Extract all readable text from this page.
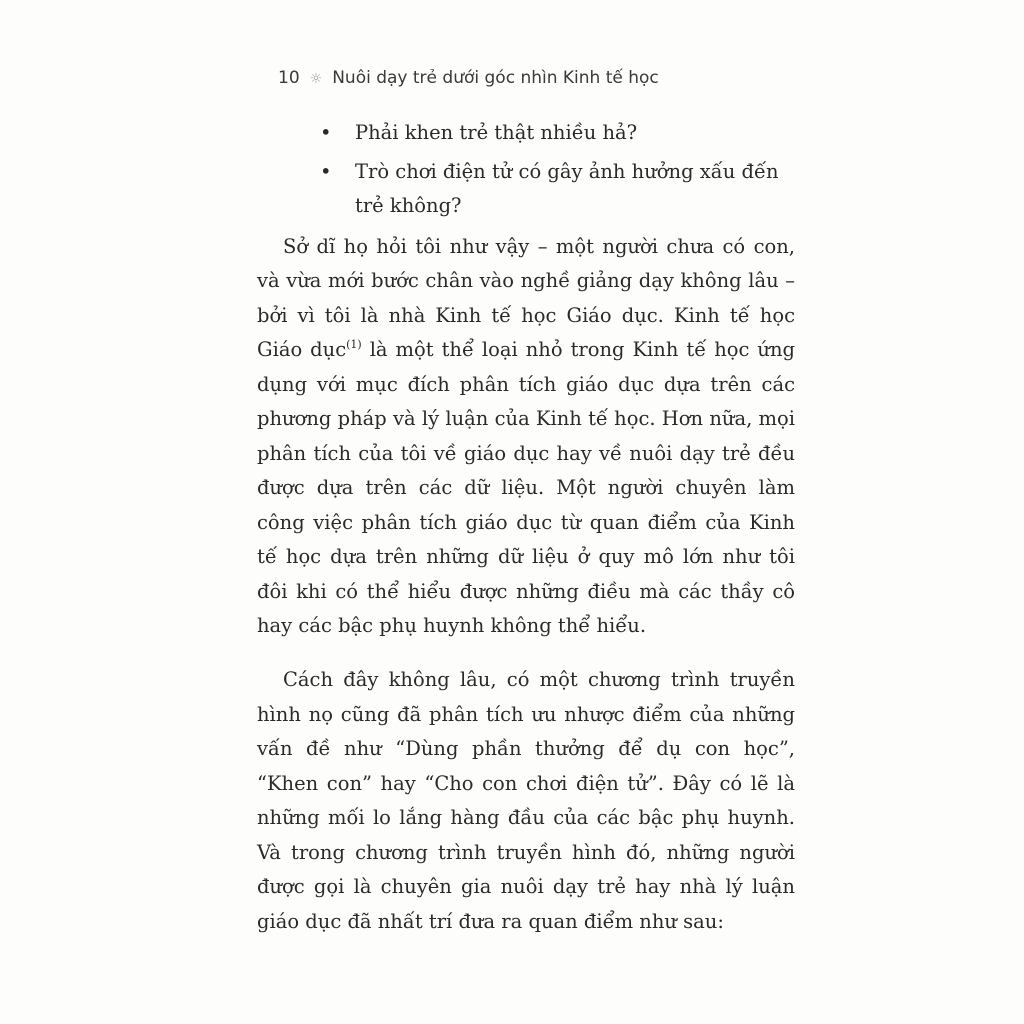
10 ☼ Nuôi dạy trẻ dưới góc nhìn Kinh tế học
• Phải khen trẻ thật nhiều hả?
• Trò chơi điện tử có gây ảnh hưởng xấu đến trẻ không?

Sở dĩ họ hỏi tôi như vậy – một người chưa có con, và vừa mới bước chân vào nghề giảng dạy không lâu – bởi vì tôi là nhà Kinh tế học Giáo dục. Kinh tế học Giáo dục$^{(1)}$ là một thể loại nhỏ trong Kinh tế học ứng dụng với mục đích phân tích giáo dục dựa trên các phương pháp và lý luận của Kinh tế học. Hơn nữa, mọi phân tích của tôi về giáo dục hay về nuôi dạy trẻ đều được dựa trên các dữ liệu. Một người chuyên làm công việc phân tích giáo dục từ quan điểm của Kinh tế học dựa trên những dữ liệu ở quy mô lớn như tôi đôi khi có thể hiểu được những điều mà các thầy cô hay các bậc phụ huynh không thể hiểu.

Cách đây không lâu, có một chương trình truyền hình nọ cũng đã phân tích ưu nhược điểm của những vấn đề như “Dùng phần thưởng để dụ con học”, “Khen con” hay “Cho con chơi điện tử”. Đây có lẽ là những mối lo lắng hàng đầu của các bậc phụ huynh. Và trong chương trình truyền hình đó, những người được gọi là chuyên gia nuôi dạy trẻ hay nhà lý luận giáo dục đã nhất trí đưa ra quan điểm như sau:
